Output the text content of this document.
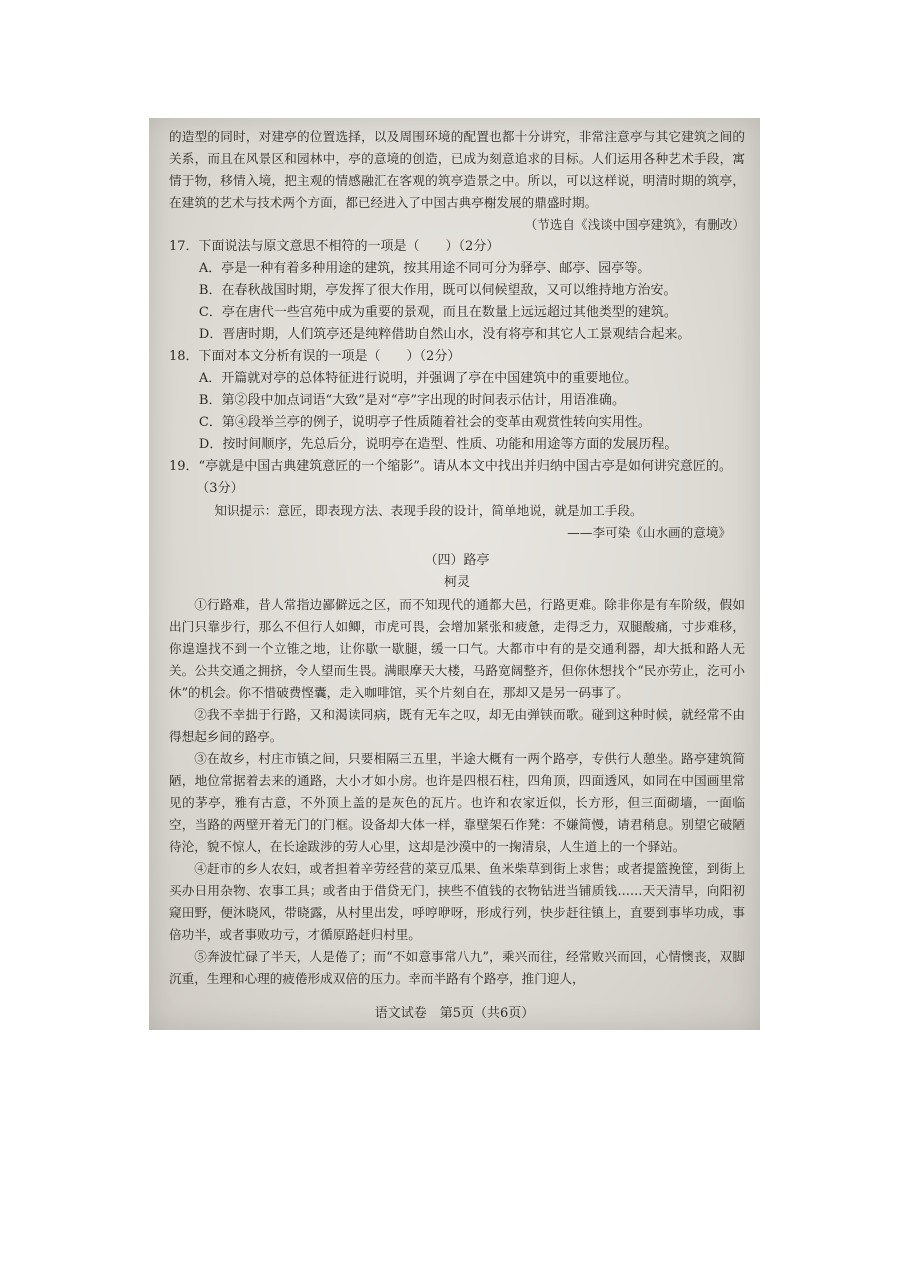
的造型的同时，对建亭的位置选择，以及周围环境的配置也都十分讲究，非常注意亭与其它建筑之间的关系，而且在风景区和园林中，亭的意境的创造，已成为刻意追求的目标。人们运用各种艺术手段，寓情于物，移情入境，把主观的情感融汇在客观的筑亭造景之中。所以，可以这样说，明清时期的筑亭，在建筑的艺术与技术两个方面，都已经进入了中国古典亭榭发展的鼎盛时期。

（节选自《浅谈中国亭建筑》，有删改）

17．下面说法与原文意思不相符的一项是（　　）（2分）

A．亭是一种有着多种用途的建筑，按其用途不同可分为驿亭、邮亭、园亭等。

B．在春秋战国时期，亭发挥了很大作用，既可以伺候望敌，又可以维持地方治安。

C．亭在唐代一些宫苑中成为重要的景观，而且在数量上远远超过其他类型的建筑。

D．晋唐时期，人们筑亭还是纯粹借助自然山水，没有将亭和其它人工景观结合起来。

18．下面对本文分析有误的一项是（　　）（2分）

A．开篇就对亭的总体特征进行说明，并强调了亭在中国建筑中的重要地位。

B．第②段中加点词语“大致”是对“亭”字出现的时间表示估计，用语准确。

C．第④段举兰亭的例子，说明亭子性质随着社会的变革由观赏性转向实用性。

D．按时间顺序，先总后分，说明亭在造型、性质、功能和用途等方面的发展历程。

19．“亭就是中国古典建筑意匠的一个缩影”。请从本文中找出并归纳中国古亭是如何讲究意匠的。（3分）

知识提示：意匠，即表现方法、表现手段的设计，简单地说，就是加工手段。

——李可染《山水画的意境》

（四）路亭

柯灵

①行路难，昔人常指边鄙僻远之区，而不知现代的通都大邑，行路更难。除非你是有车阶级，假如出门只靠步行，那么不但行人如鲫，市虎可畏，会增加紧张和疲惫，走得乏力，双腿酸痛，寸步难移，你遑遑找不到一个立锥之地，让你歇一歇腿，缓一口气。大都市中有的是交通利器，却大抵和路人无关。公共交通之拥挤，令人望而生畏。满眼摩天大楼，马路宽阔整齐，但你休想找个“民亦劳止，汔可小休”的机会。你不惜破费悭囊，走入咖啡馆，买个片刻自在，那却又是另一码事了。

②我不幸拙于行路，又和渴读同病，既有无车之叹，却无由弹铗而歌。碰到这种时候，就经常不由得想起乡间的路亭。

③在故乡，村庄市镇之间，只要相隔三五里，半途大概有一两个路亭，专供行人憩坐。路亭建筑简陋，地位常据着去来的通路，大小才如小房。也许是四根石柱，四角顶，四面透风，如同在中国画里常见的茅亭，雅有古意，不外顶上盖的是灰色的瓦片。也许和农家近似，长方形，但三面砌墙，一面临空，当路的两壁开着无门的门框。设备却大体一样，靠壁架石作凳：不嫌简慢，请君稍息。别望它破陋待沦，貌不惊人，在长途跋涉的劳人心里，这却是沙漠中的一掬清泉，人生道上的一个驿站。

④赶市的乡人农妇，或者担着辛劳经营的菜豆瓜果、鱼米柴草到街上求售；或者提篮挽筐，到街上买办日用杂物、农事工具；或者由于借贷无门，挟些不值钱的衣物钻进当铺质钱……天天清早，向阳初窥田野，便沐晓风，带晓露，从村里出发，呼哼咿呀，形成行列，快步赶往镇上，直要到事毕功成，事倍功半，或者事败功亏，才循原路赶归村里。

⑤奔波忙碌了半天，人是倦了；而“不如意事常八九”，乘兴而往，经常败兴而回，心情懊丧，双脚沉重，生理和心理的疲倦形成双倍的压力。幸而半路有个路亭，推门迎人，

语文试卷　第5页（共6页）
